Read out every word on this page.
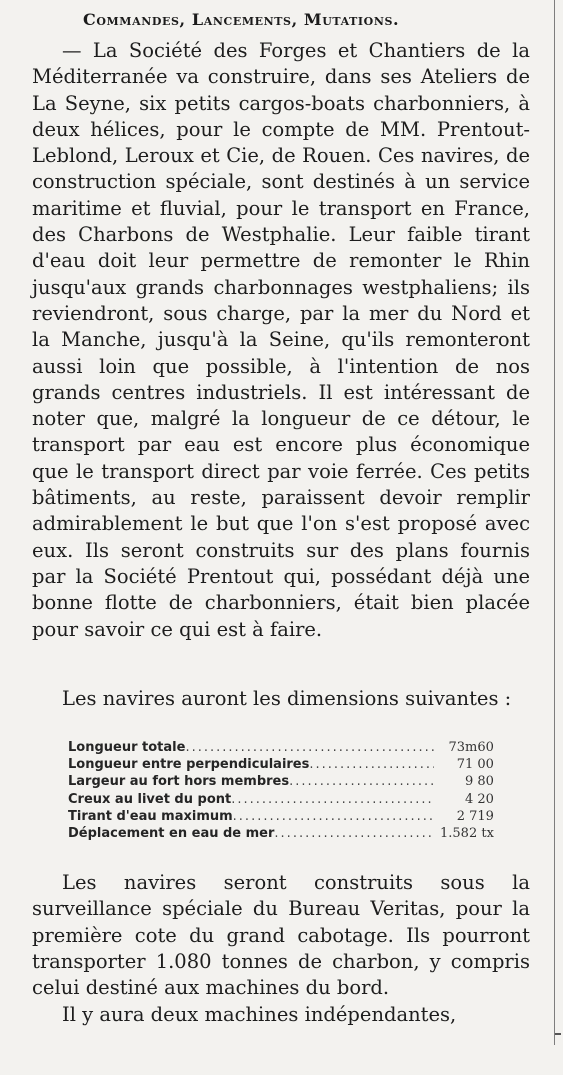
Commandes, Lancements, Mutations.

— La Société des Forges et Chantiers de la Méditerranée va construire, dans ses Ateliers de La Seyne, six petits cargos-boats charbonniers, à deux hélices, pour le compte de MM. Prentout-Leblond, Leroux et Cie, de Rouen. Ces navires, de construction spéciale, sont destinés à un service maritime et fluvial, pour le transport en France, des Charbons de Westphalie. Leur faible tirant d'eau doit leur permettre de remonter le Rhin jusqu'aux grands charbonnages westphaliens; ils reviendront, sous charge, par la mer du Nord et la Manche, jusqu'à la Seine, qu'ils remonteront aussi loin que possible, à l'intention de nos grands centres industriels. Il est intéressant de noter que, malgré la longueur de ce détour, le transport par eau est encore plus économique que le transport direct par voie ferrée. Ces petits bâtiments, au reste, paraissent devoir remplir admirablement le but que l'on s'est proposé avec eux. Ils seront construits sur des plans fournis par la Société Prentout qui, possédant déjà une bonne flotte de charbonniers, était bien placée pour savoir ce qui est à faire.

Les navires auront les dimensions suivantes :

Longueur totale
.....	73m60

Longueur entre perpendiculaires
.....	71 00

Largeur au fort hors membres
.....	9 80

Creux au livet du pont
.....	4 20

Tirant d'eau maximum
.....	2 719

Déplacement en eau de mer
.....	1.582 tx

Les navires seront construits sous la surveillance spéciale du Bureau Veritas, pour la première cote du grand cabotage. Ils pourront transporter 1.080 tonnes de charbon, y compris celui destiné aux machines du bord.

Il y aura deux machines indépendantes,
